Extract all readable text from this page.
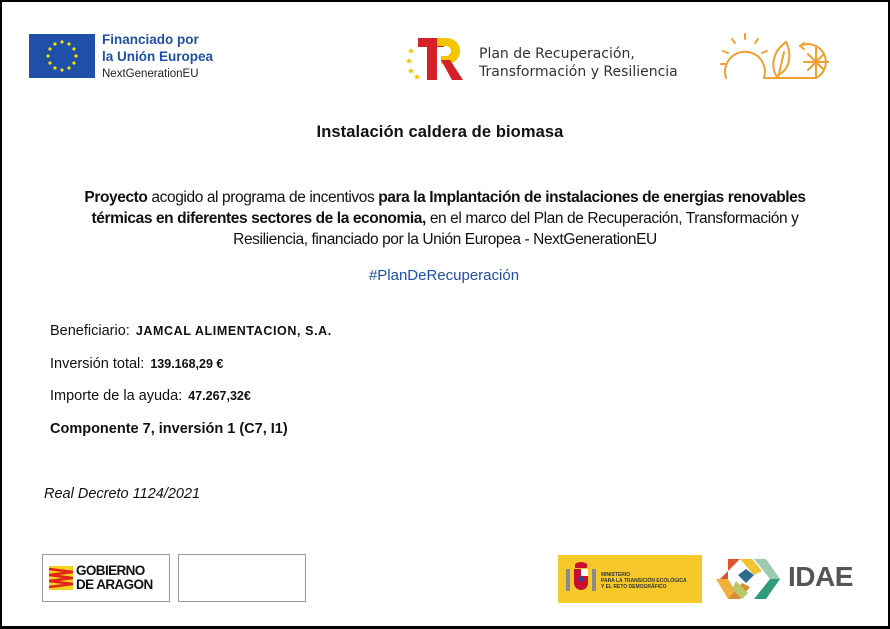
Financiado por
la Unión Europea
NextGenerationEU
Plan de Recuperación,
Transformación y Resiliencia
Instalación caldera de biomasa
Proyecto acogido al programa de incentivos para la Implantación de instalaciones de energias renovables térmicas en diferentes sectores de la economia, en el marco del Plan de Recuperación, Transformación y Resiliencia, financiado por la Unión Europea - NextGenerationEU
#PlanDeRecuperación
Beneficiario: JAMCAL ALIMENTACION, S.A.
Inversión total: 139.168,29 €
Importe de la ayuda: 47.267,32€
Componente 7, inversión 1 (C7, I1)
Real Decreto 1124/2021
GOBIERNO
DE ARAGON
MINISTERIO
PARA LA TRANSICIÓN ECOLÓGICA
Y EL RETO DEMOGRÁFICO	IDAE
